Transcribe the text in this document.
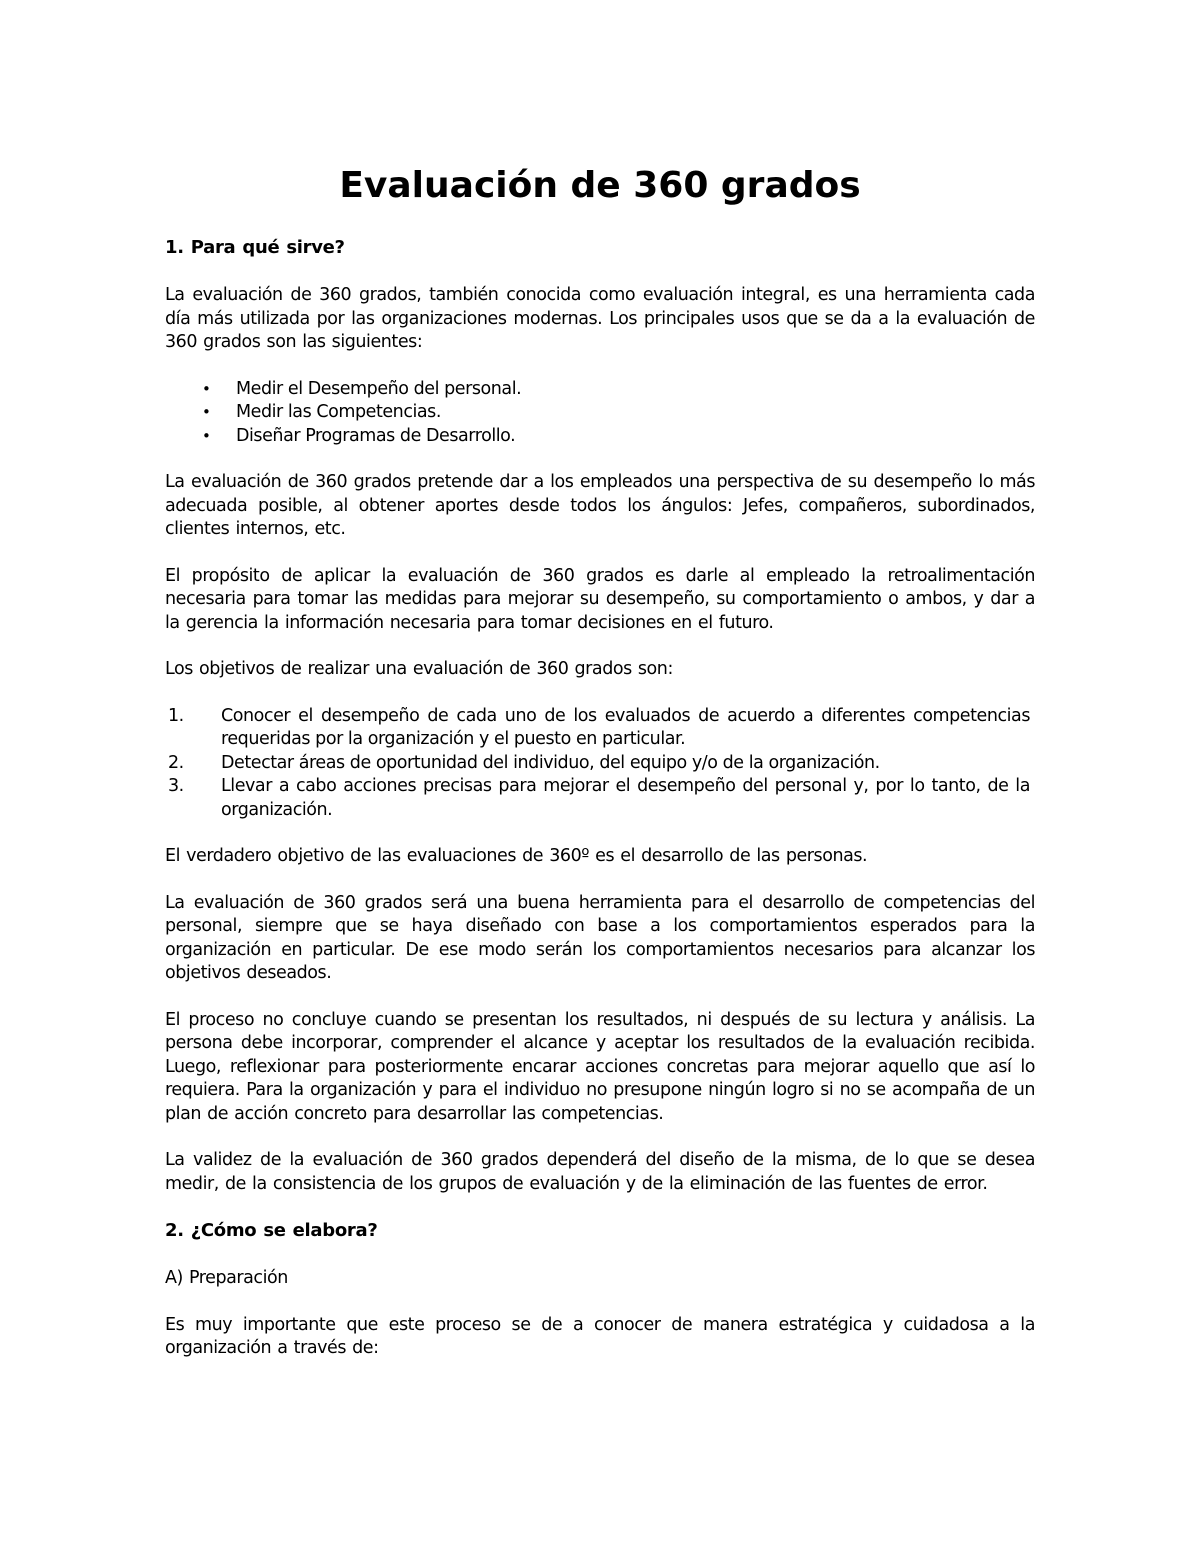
Evaluación de 360 grados

1. Para qué sirve?

La evaluación de 360 grados, también conocida como evaluación integral, es una herramienta cada día más utilizada por las organizaciones modernas. Los principales usos que se da a la evaluación de 360 grados son las siguientes:

• Medir el Desempeño del personal.
• Medir las Competencias.
• Diseñar Programas de Desarrollo.

La evaluación de 360 grados pretende dar a los empleados una perspectiva de su desempeño lo más adecuada posible, al obtener aportes desde todos los ángulos: Jefes, compañeros, subordinados, clientes internos, etc.

El propósito de aplicar la evaluación de 360 grados es darle al empleado la retroalimentación necesaria para tomar las medidas para mejorar su desempeño, su comportamiento o ambos, y dar a la gerencia la información necesaria para tomar decisiones en el futuro.

Los objetivos de realizar una evaluación de 360 grados son:

1. Conocer el desempeño de cada uno de los evaluados de acuerdo a diferentes competencias requeridas por la organización y el puesto en particular.
2. Detectar áreas de oportunidad del individuo, del equipo y/o de la organización.
3. Llevar a cabo acciones precisas para mejorar el desempeño del personal y, por lo tanto, de la organización.

El verdadero objetivo de las evaluaciones de 360º es el desarrollo de las personas.

La evaluación de 360 grados será una buena herramienta para el desarrollo de competencias del personal, siempre que se haya diseñado con base a los comportamientos esperados para la organización en particular. De ese modo serán los comportamientos necesarios para alcanzar los objetivos deseados.

El proceso no concluye cuando se presentan los resultados, ni después de su lectura y análisis. La persona debe incorporar, comprender el alcance y aceptar los resultados de la evaluación recibida. Luego, reflexionar para posteriormente encarar acciones concretas para mejorar aquello que así lo requiera. Para la organización y para el individuo no presupone ningún logro si no se acompaña de un plan de acción concreto para desarrollar las competencias.

La validez de la evaluación de 360 grados dependerá del diseño de la misma, de lo que se desea medir, de la consistencia de los grupos de evaluación y de la eliminación de las fuentes de error.

2. ¿Cómo se elabora?

A) Preparación

Es muy importante que este proceso se de a conocer de manera estratégica y cuidadosa a la organización a través de:
